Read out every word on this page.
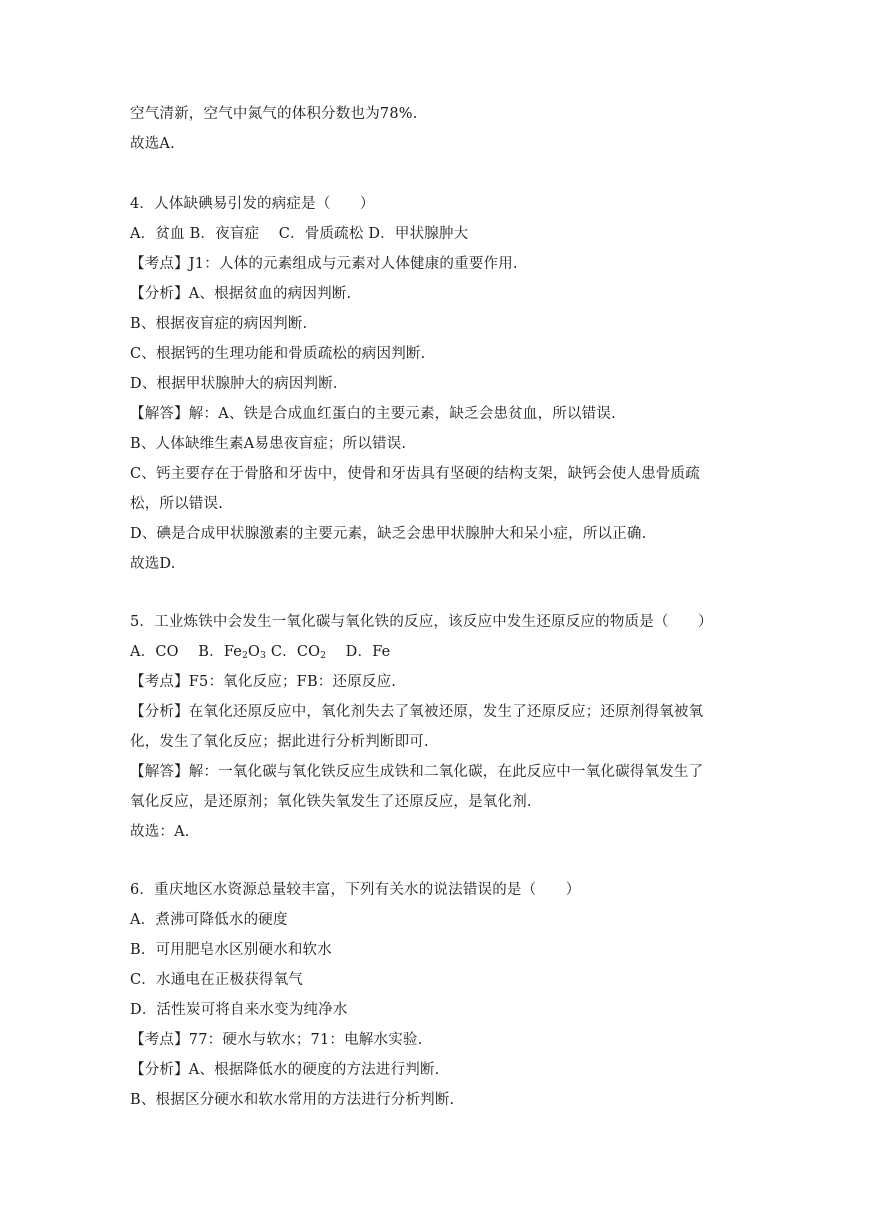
空气清新，空气中氮气的体积分数也为78%.
故选A.
4．人体缺碘易引发的病症是（　　）
A．贫血 B．夜盲症　 C．骨质疏松 D．甲状腺肿大
【考点】J1：人体的元素组成与元素对人体健康的重要作用.
【分析】A、根据贫血的病因判断.
B、根据夜盲症的病因判断.
C、根据钙的生理功能和骨质疏松的病因判断.
D、根据甲状腺肿大的病因判断.
【解答】解：A、铁是合成血红蛋白的主要元素，缺乏会患贫血，所以错误.
B、人体缺维生素A易患夜盲症；所以错误.
C、钙主要存在于骨胳和牙齿中，使骨和牙齿具有坚硬的结构支架，缺钙会使人患骨质疏
松，所以错误.
D、碘是合成甲状腺激素的主要元素，缺乏会患甲状腺肿大和呆小症，所以正确.
故选D.
5．工业炼铁中会发生一氧化碳与氧化铁的反应，该反应中发生还原反应的物质是（　　）
A．CO　 B．$Fe_2O_3$ C．$CO_2$　 D．Fe
【考点】F5：氧化反应；FB：还原反应.
【分析】在氧化还原反应中，氧化剂失去了氧被还原，发生了还原反应；还原剂得氧被氧
化，发生了氧化反应；据此进行分析判断即可.
【解答】解：一氧化碳与氧化铁反应生成铁和二氧化碳，在此反应中一氧化碳得氧发生了
氧化反应，是还原剂；氧化铁失氧发生了还原反应，是氧化剂.
故选：A.
6．重庆地区水资源总量较丰富，下列有关水的说法错误的是（　　）
A．煮沸可降低水的硬度
B．可用肥皂水区别硬水和软水
C．水通电在正极获得氧气
D．活性炭可将自来水变为纯净水
【考点】77：硬水与软水；71：电解水实验.
【分析】A、根据降低水的硬度的方法进行判断.
B、根据区分硬水和软水常用的方法进行分析判断.
